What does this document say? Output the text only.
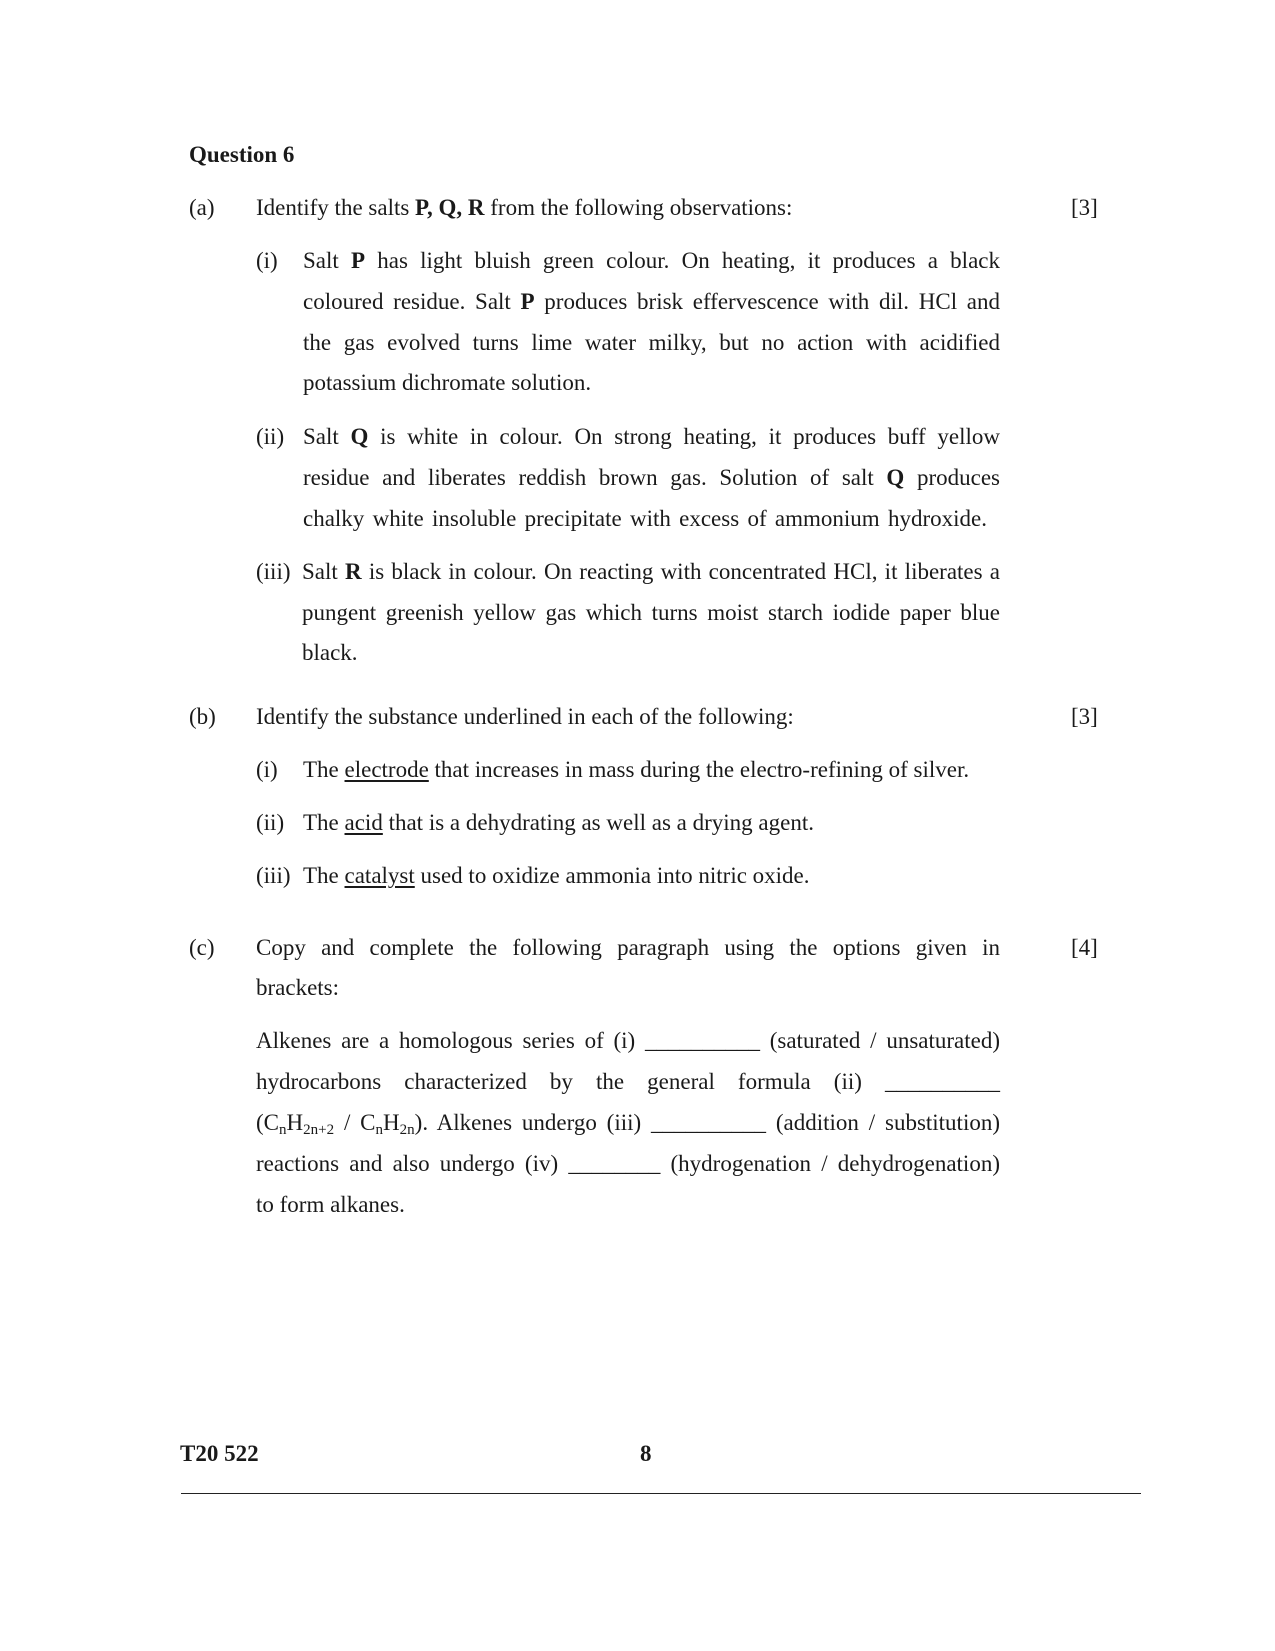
Question 6
(a) Identify the salts P, Q, R from the following observations:	[3]
(i) Salt P has light bluish green colour. On heating, it produces a black
coloured residue. Salt P produces brisk effervescence with dil. HCl and
the gas evolved turns lime water milky, but no action with acidified
potassium dichromate solution.
(ii) Salt Q is white in colour. On strong heating, it produces buff yellow
residue and liberates reddish brown gas. Solution of salt Q produces
chalky white insoluble precipitate with excess of ammonium hydroxide.
(iii) Salt R is black in colour. On reacting with concentrated HCl, it liberates a
pungent greenish yellow gas which turns moist starch iodide paper blue
black.
(b) Identify the substance underlined in each of the following:	[3]
(i) The electrode that increases in mass during the electro-refining of silver.
(ii) The acid that is a dehydrating as well as a drying agent.
(iii) The catalyst used to oxidize ammonia into nitric oxide.
(c) Copy and complete the following paragraph using the options given in
brackets:
[4]
Alkenes are a homologous series of (i) __________ (saturated / unsaturated)
hydrocarbons characterized by the general formula (ii) __________
$(C_nH_{2n+2} / C_nH_{2n})$. Alkenes undergo (iii) __________ (addition / substitution)
reactions and also undergo (iv) ________ (hydrogenation / dehydrogenation)
to form alkanes.
T20 522	8
